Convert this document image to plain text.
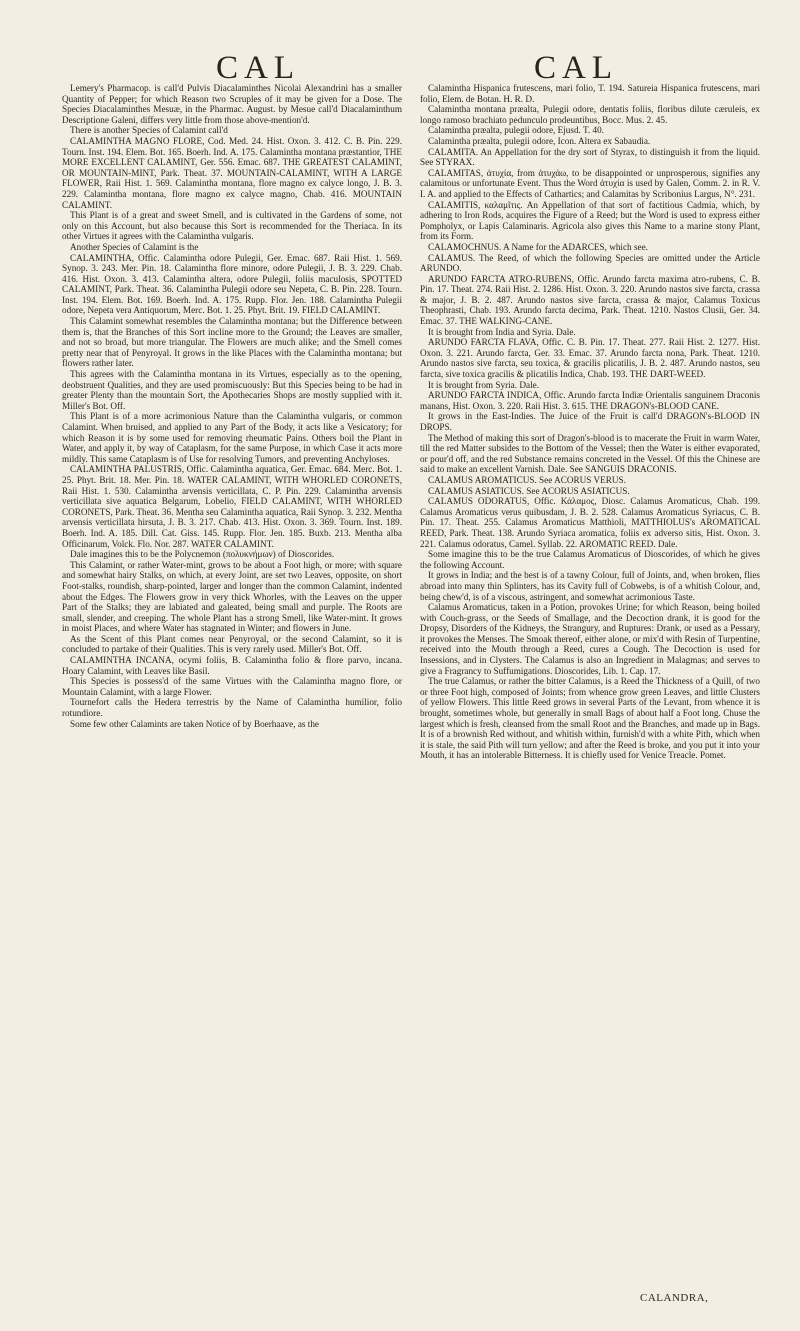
CAL	CAL

Lemery's Pharmacop. is call'd Pulvis Diacalaminthes Nicolai Alexandrini has a smaller Quantity of Pepper; for which Reason two Scruples of it may be given for a Dose. The Species Diacalaminthes Mesuæ, in the Pharmac. August. by Mesue call'd Diacalaminthum Descriptione Galeni, differs very little from those above-mention'd.

There is another Species of Calamint call'd

CALAMINTHA MAGNO FLORE, Cod. Med. 24. Hist. Oxon. 3. 412. C. B. Pin. 229. Tourn. Inst. 194. Elem. Bot. 165. Boerh. Ind. A. 175. Calamintha montana præstantior, THE MORE EXCELLENT CALAMINT, Ger. 556. Emac. 687. THE GREATEST CALAMINT, OR MOUNTAIN-MINT, Park. Theat. 37. MOUNTAIN-CALAMINT, WITH A LARGE FLOWER, Raii Hist. 1. 569. Calamintha montana, flore magno ex calyce longo, J. B. 3. 229. Calamintha montana, flore magno ex calyce magno, Chab. 416. MOUNTAIN CALAMINT.

This Plant is of a great and sweet Smell, and is cultivated in the Gardens of some, not only on this Account, but also because this Sort is recommended for the Theriaca. In its other Virtues it agrees with the Calamintha vulgaris.

Another Species of Calamint is the

CALAMINTHA, Offic. Calamintha odore Pulegii, Ger. Emac. 687. Raii Hist. 1. 569. Synop. 3. 243. Mer. Pin. 18. Calamintha flore minore, odore Pulegii, J. B. 3. 229. Chab. 416. Hist. Oxon. 3. 413. Calamintha altera, odore Pulegii, foliis maculosis, SPOTTED CALAMINT, Park. Theat. 36. Calamintha Pulegii odore seu Nepeta, C. B. Pin. 228. Tourn. Inst. 194. Elem. Bot. 169. Boerh. Ind. A. 175. Rupp. Flor. Jen. 188. Calamintha Pulegii odore, Nepeta vera Antiquorum, Merc. Bot. 1. 25. Phyt. Brit. 19. FIELD CALAMINT.

This Calamint somewhat resembles the Calamintha montana; but the Difference between them is, that the Branches of this Sort incline more to the Ground; the Leaves are smaller, and not so broad, but more triangular. The Flowers are much alike; and the Smell comes pretty near that of Penyroyal. It grows in the like Places with the Calamintha montana; but flowers rather later.

This agrees with the Calamintha montana in its Virtues, especially as to the opening, deobstruent Qualities, and they are used promiscuously: But this Species being to be had in greater Plenty than the mountain Sort, the Apothecaries Shops are mostly supplied with it. Miller's Bot. Off.

This Plant is of a more acrimonious Nature than the Calamintha vulgaris, or common Calamint. When bruised, and applied to any Part of the Body, it acts like a Vesicatory; for which Reason it is by some used for removing rheumatic Pains. Others boil the Plant in Water, and apply it, by way of Cataplasm, for the same Purpose, in which Case it acts more mildly. This same Cataplasm is of Use for resolving Tumors, and preventing Anchyloses.

CALAMINTHA PALUSTRIS, Offic. Calamintha aquatica, Ger. Emac. 684. Merc. Bot. 1. 25. Phyt. Brit. 18. Mer. Pin. 18. WATER CALAMINT, WITH WHORLED CORONETS, Raii Hist. 1. 530. Calamintha arvensis verticillata, C. P. Pin. 229. Calamintha arvensis verticillata sive aquatica Belgarum, Lobelio, FIELD CALAMINT, WITH WHORLED CORONETS, Park. Theat. 36. Mentha seu Calamintha aquatica, Raii Synop. 3. 232. Mentha arvensis verticillata hirsuta, J. B. 3. 217. Chab. 413. Hist. Oxon. 3. 369. Tourn. Inst. 189. Boerh. Ind. A. 185. Dill. Cat. Giss. 145. Rupp. Flor. Jen. 185. Buxb. 213. Mentha alba Officinarum, Volck. Flo. Nor. 287. WATER CALAMINT.

Dale imagines this to be the Polycnemon (πολυκνήμων) of Dioscorides.

This Calamint, or rather Water-mint, grows to be about a Foot high, or more; with square and somewhat hairy Stalks, on which, at every Joint, are set two Leaves, opposite, on short Foot-stalks, roundish, sharp-pointed, larger and longer than the common Calamint, indented about the Edges. The Flowers grow in very thick Whorles, with the Leaves on the upper Part of the Stalks; they are labiated and galeated, being small and purple. The Roots are small, slender, and creeping. The whole Plant has a strong Smell, like Water-mint. It grows in moist Places, and where Water has stagnated in Winter; and flowers in June.

As the Scent of this Plant comes near Penyroyal, or the second Calamint, so it is concluded to partake of their Qualities. This is very rarely used. Miller's Bot. Off.

CALAMINTHA INCANA, ocymi foliis, B. Calamintha folio & flore parvo, incana. Hoary Calamint, with Leaves like Basil.

This Species is possess'd of the same Virtues with the Calamintha magno flore, or Mountain Calamint, with a large Flower.

Tournefort calls the Hedera terrestris by the Name of Calamintha humilior, folio rotundiore.

Some few other Calamints are taken Notice of by Boerhaave, as the

Calamintha Hispanica frutescens, mari folio, T. 194. Satureia Hispanica frutescens, mari folio, Elem. de Botan. H. R. D.

Calamintha montana præalta, Pulegii odore, dentatis foliis, floribus dilute cæruleis, ex longo ramoso brachiato pedunculo prodeuntibus, Bocc. Mus. 2. 45.

Calamintha præalta, pulegii odore, Ejusd. T. 40.

Calamintha præalta, pulegii odore, Icon. Altera ex Sabaudia.

CALAMITA. An Appellation for the dry sort of Styrax, to distinguish it from the liquid. See STYRAX.

CALAMITAS, ἀτυχία, from ἀτυχάω, to be disappointed or unprosperous, signifies any calamitous or unfortunate Event. Thus the Word ἀτυχία is used by Galen, Comm. 2. in R. V. I. A. and applied to the Effects of Cathartics; and Calamitas by Scribonius Largus, N°. 231.

CALAMITIS, καλαμῖτις. An Appellation of that sort of factitious Cadmia, which, by adhering to Iron Rods, acquires the Figure of a Reed; but the Word is used to express either Pompholyx, or Lapis Calaminaris. Agricola also gives this Name to a marine stony Plant, from its Form.

CALAMOCHNUS. A Name for the ADARCES, which see.

CALAMUS. The Reed, of which the following Species are omitted under the Article ARUNDO.

ARUNDO FARCTA ATRO-RUBENS, Offic. Arundo farcta maxima atro-rubens, C. B. Pin. 17. Theat. 274. Raii Hist. 2. 1286. Hist. Oxon. 3. 220. Arundo nastos sive farcta, crassa & major, J. B. 2. 487. Arundo nastos sive farcta, crassa & major, Calamus Toxicus Theophrasti, Chab. 193. Arundo farcta decima, Park. Theat. 1210. Nastos Clusii, Ger. 34. Emac. 37. THE WALKING-CANE.

It is brought from India and Syria. Dale.

ARUNDO FARCTA FLAVA, Offic. C. B. Pin. 17. Theat. 277. Raii Hist. 2. 1277. Hist. Oxon. 3. 221. Arundo farcta, Ger. 33. Emac. 37. Arundo farcta nona, Park. Theat. 1210. Arundo nastos sive farcta, seu toxica, & gracilis plicatilis, J. B. 2. 487. Arundo nastos, seu farcta, sive toxica gracilis & plicatilis Indica, Chab. 193. THE DART-WEED.

It is brought from Syria. Dale.

ARUNDO FARCTA INDICA, Offic. Arundo farcta Indiæ Orientalis sanguinem Draconis manans, Hist. Oxon. 3. 220. Raii Hist. 3. 615. THE DRAGON's-BLOOD CANE.

It grows in the East-Indies. The Juice of the Fruit is call'd DRAGON's-BLOOD IN DROPS.

The Method of making this sort of Dragon's-blood is to macerate the Fruit in warm Water, till the red Matter subsides to the Bottom of the Vessel; then the Water is either evaporated, or pour'd off, and the red Substance remains concreted in the Vessel. Of this the Chinese are said to make an excellent Varnish. Dale. See SANGUIS DRACONIS.

CALAMUS AROMATICUS. See ACORUS VERUS.

CALAMUS ASIATICUS. See ACORUS ASIATICUS.

CALAMUS ODORATUS, Offic. Κάλαμος, Diosc. Calamus Aromaticus, Chab. 199. Calamus Aromaticus verus quibusdam, J. B. 2. 528. Calamus Aromaticus Syriacus, C. B. Pin. 17. Theat. 255. Calamus Aromaticus Matthioli, MATTHIOLUS's AROMATICAL REED, Park. Theat. 138. Arundo Syriaca aromatica, foliis ex adverso sitis, Hist. Oxon. 3. 221. Calamus odoratus, Camel. Syllab. 22. AROMATIC REED. Dale.

Some imagine this to be the true Calamus Aromaticus of Dioscorides, of which he gives the following Account.

It grows in India; and the best is of a tawny Colour, full of Joints, and, when broken, flies abroad into many thin Splinters, has its Cavity full of Cobwebs, is of a whitish Colour, and, being chew'd, is of a viscous, astringent, and somewhat acrimonious Taste.

Calamus Aromaticus, taken in a Potion, provokes Urine; for which Reason, being boiled with Couch-grass, or the Seeds of Smallage, and the Decoction drank, it is good for the Dropsy, Disorders of the Kidneys, the Strangury, and Ruptures: Drank, or used as a Pessary, it provokes the Menses. The Smoak thereof, either alone, or mix'd with Resin of Turpentine, received into the Mouth through a Reed, cures a Cough. The Decoction is used for Insessions, and in Clysters. The Calamus is also an Ingredient in Malagmas; and serves to give a Fragrancy to Suffumigations. Dioscorides, Lib. 1. Cap. 17.

The true Calamus, or rather the bitter Calamus, is a Reed the Thickness of a Quill, of two or three Foot high, composed of Joints; from whence grow green Leaves, and little Clusters of yellow Flowers. This little Reed grows in several Parts of the Levant, from whence it is brought, sometimes whole, but generally in small Bags of about half a Foot long. Chuse the largest which is fresh, cleansed from the small Root and the Branches, and made up in Bags. It is of a brownish Red without, and whitish within, furnish'd with a white Pith, which when it is stale, the said Pith will turn yellow; and after the Reed is broke, and you put it into your Mouth, it has an intolerable Bitterness. It is chiefly used for Venice Treacle. Pomet.

CALANDRA,
